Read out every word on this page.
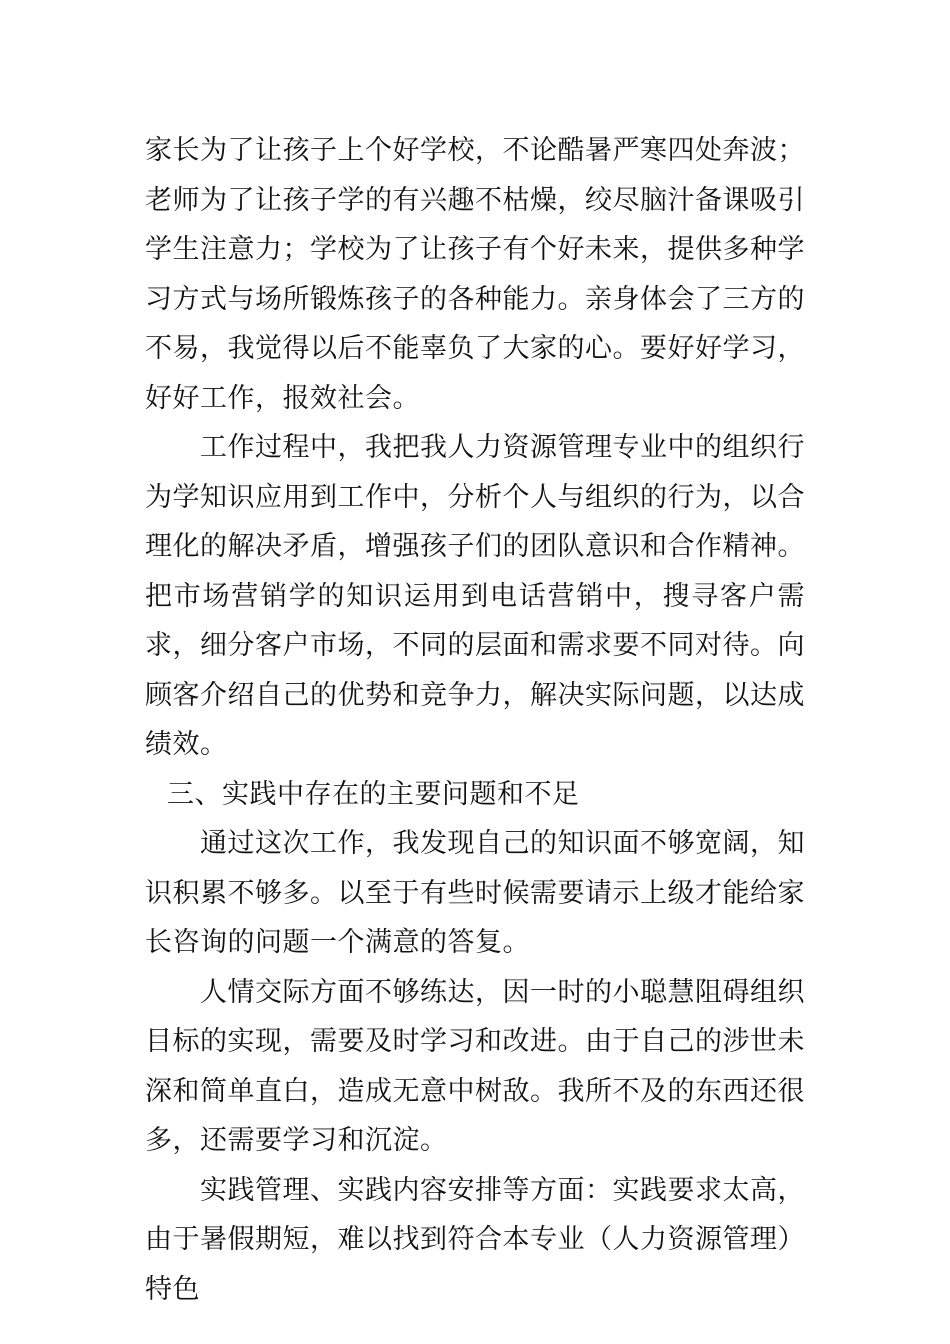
家长为了让孩子上个好学校，不论酷暑严寒四处奔波；老师为了让孩子学的有兴趣不枯燥，绞尽脑汁备课吸引学生注意力；学校为了让孩子有个好未来，提供多种学习方式与场所锻炼孩子的各种能力。亲身体会了三方的不易，我觉得以后不能辜负了大家的心。要好好学习，好好工作，报效社会。

工作过程中，我把我人力资源管理专业中的组织行为学知识应用到工作中，分析个人与组织的行为，以合理化的解决矛盾，增强孩子们的团队意识和合作精神。把市场营销学的知识运用到电话营销中，搜寻客户需求，细分客户市场，不同的层面和需求要不同对待。向顾客介绍自己的优势和竞争力，解决实际问题，以达成绩效。

三、实践中存在的主要问题和不足

通过这次工作，我发现自己的知识面不够宽阔，知识积累不够多。以至于有些时候需要请示上级才能给家长咨询的问题一个满意的答复。

人情交际方面不够练达，因一时的小聪慧阻碍组织目标的实现，需要及时学习和改进。由于自己的涉世未深和简单直白，造成无意中树敌。我所不及的东西还很多，还需要学习和沉淀。

实践管理、实践内容安排等方面：实践要求太高，由于暑假期短，难以找到符合本专业（人力资源管理）特色
